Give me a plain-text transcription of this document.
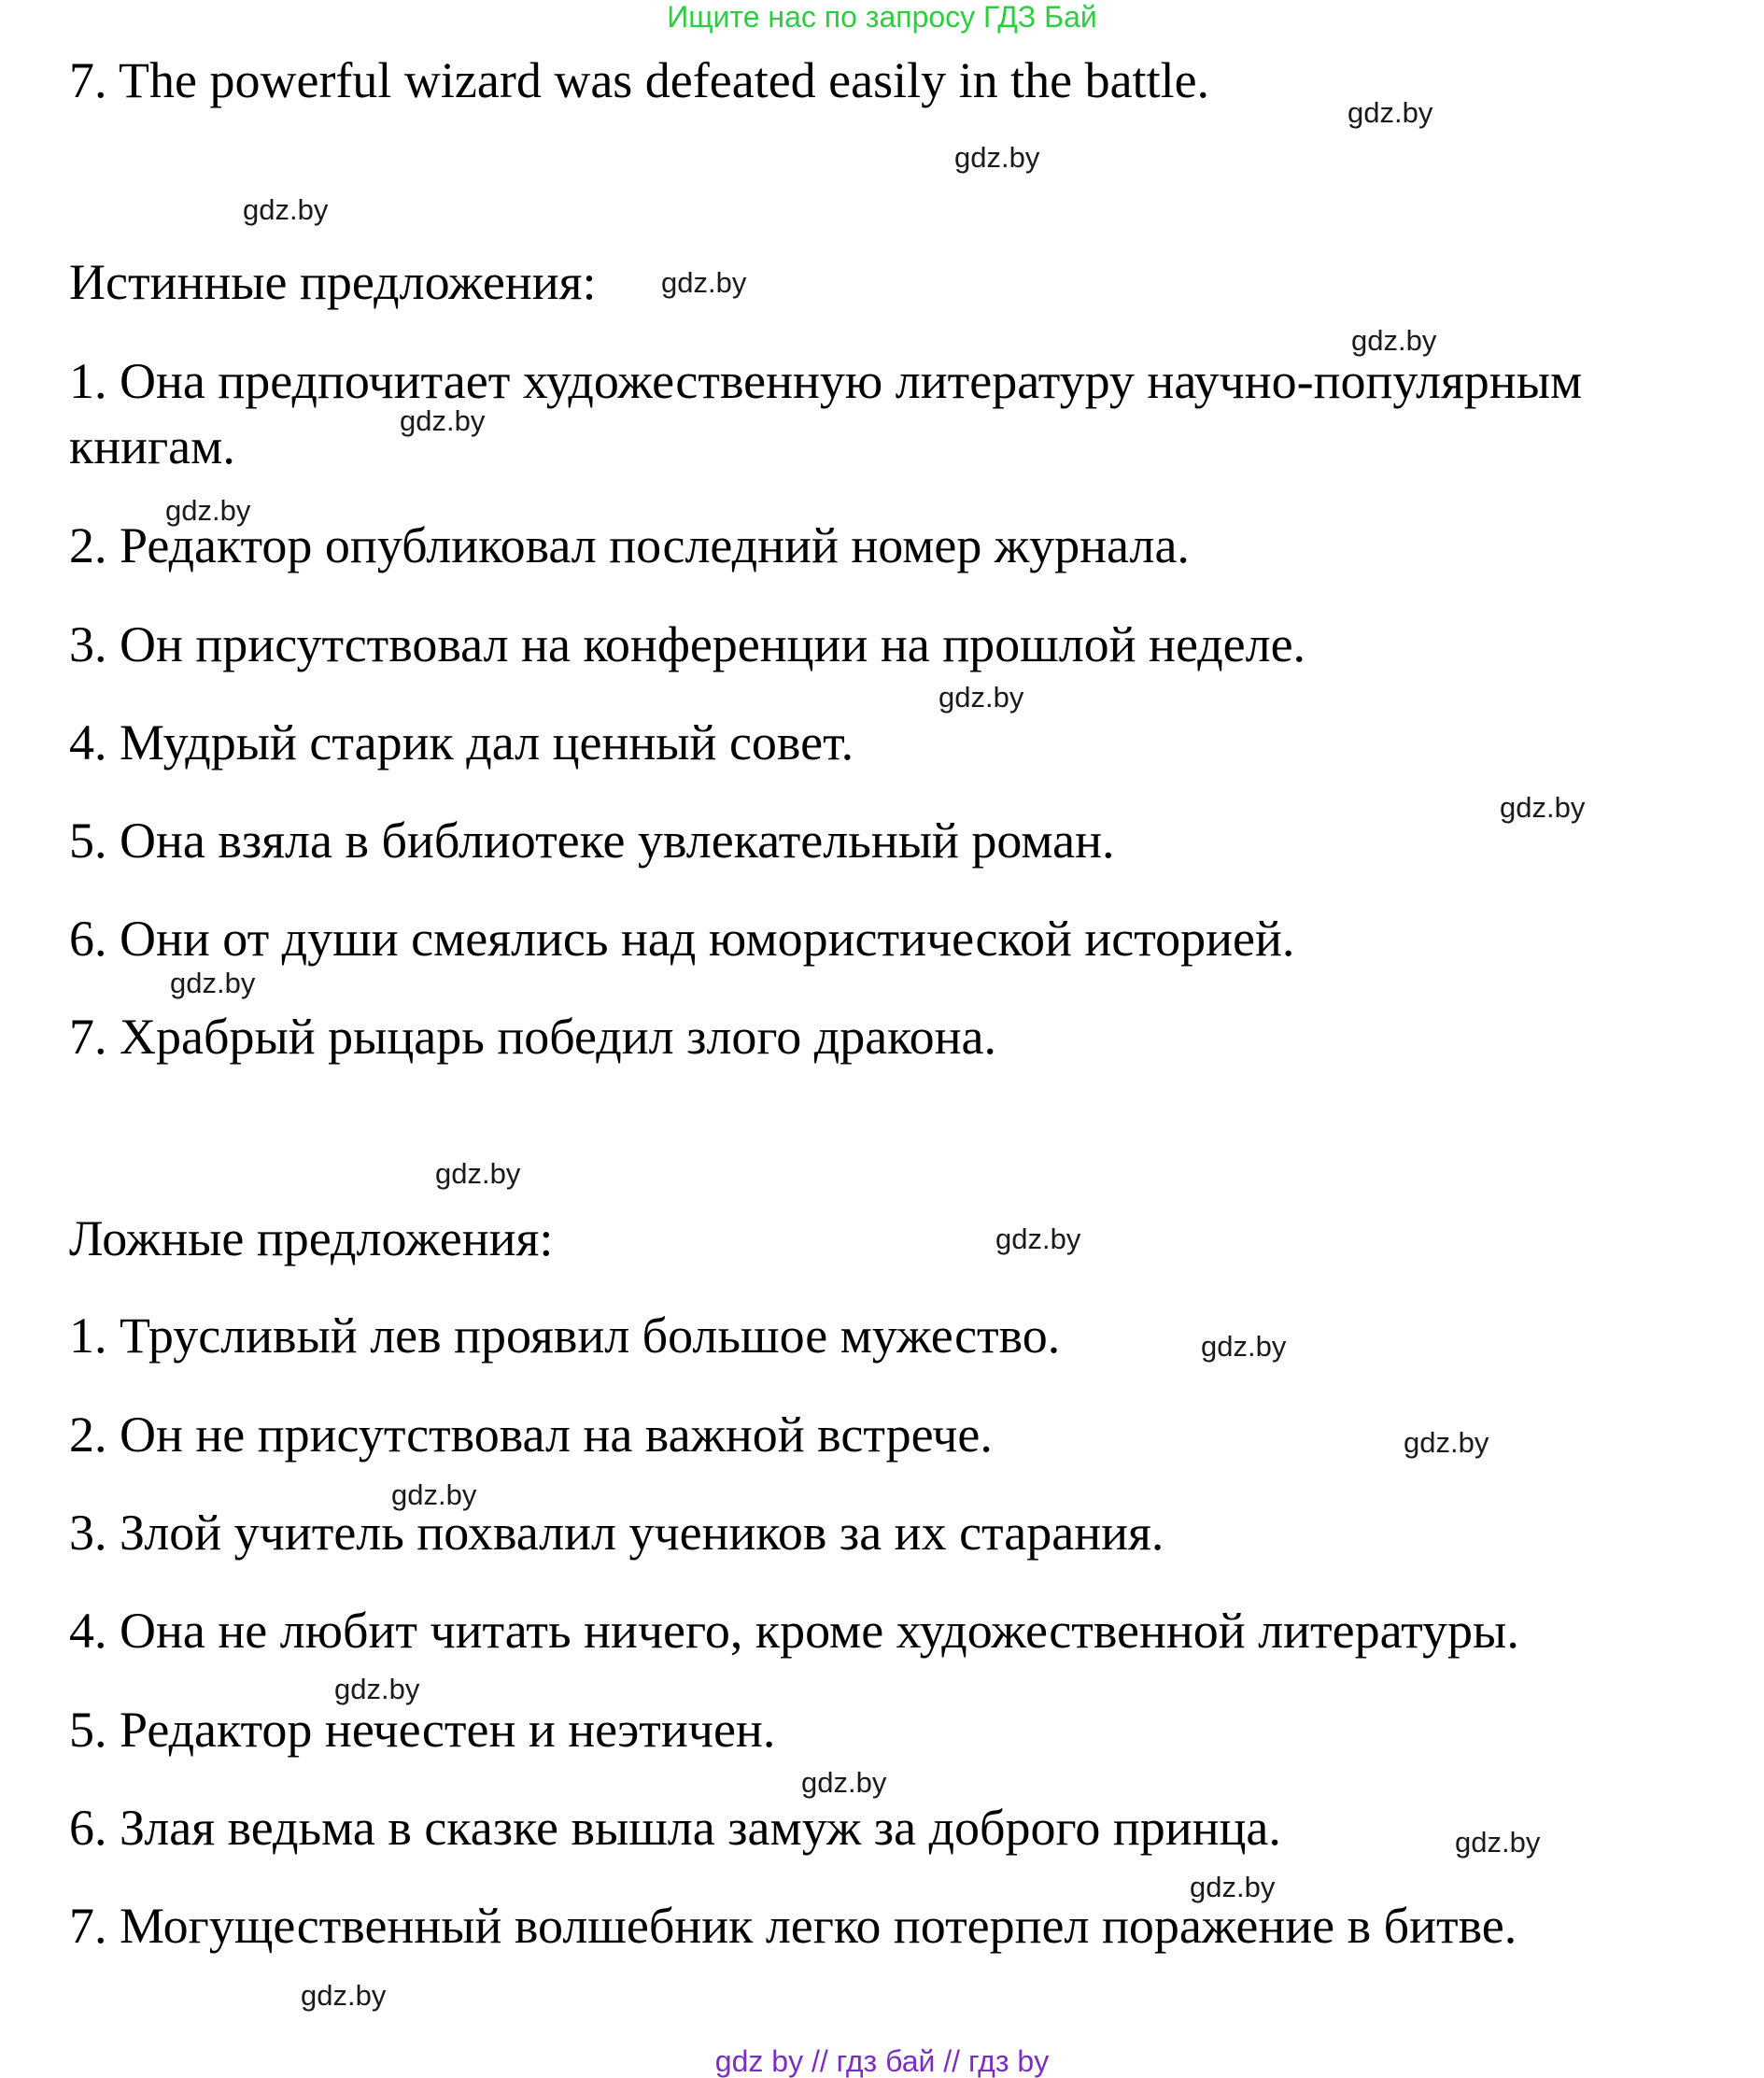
Ищите нас по запросу ГДЗ Бай
7. The powerful wizard was defeated easily in the battle.
Истинные предложения:
1. Она предпочитает художественную литературу научно-популярным
книгам.
2. Редактор опубликовал последний номер журнала.
3. Он присутствовал на конференции на прошлой неделе.
4. Мудрый старик дал ценный совет.
5. Она взяла в библиотеке увлекательный роман.
6. Они от души смеялись над юмористической историей.
7. Храбрый рыцарь победил злого дракона.
Ложные предложения:
1. Трусливый лев проявил большое мужество.
2. Он не присутствовал на важной встрече.
3. Злой учитель похвалил учеников за их старания.
4. Она не любит читать ничего, кроме художественной литературы.
5. Редактор нечестен и неэтичен.
6. Злая ведьма в сказке вышла замуж за доброго принца.
7. Могущественный волшебник легко потерпел поражение в битве.
gdz.by
gdz.by
gdz.by
gdz.by
gdz.by
gdz.by
gdz.by
gdz.by
gdz.by
gdz.by
gdz.by
gdz.by
gdz.by
gdz.by
gdz.by
gdz.by
gdz.by
gdz.by
gdz.by
gdz.by
gdz by // гдз бай // гдз by
